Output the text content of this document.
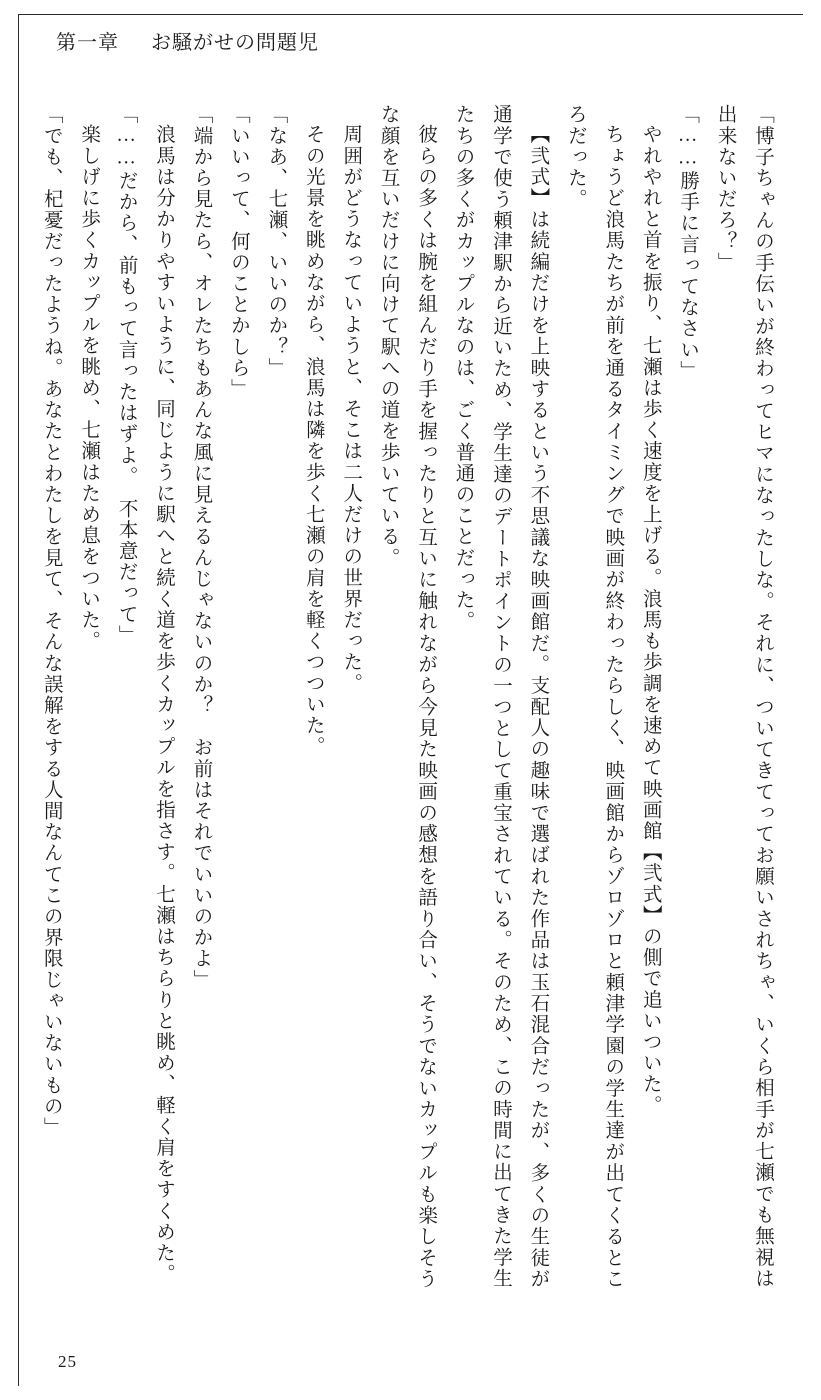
第一章 お騒がせの問題児

「博子ちゃんの手伝いが終わってヒマになったしな。それに、ついてきてってお願いされちゃ、いくら相手が七瀬でも無視は出来ないだろ？」

「……勝手に言ってなさい」

やれやれと首を振り、七瀬は歩く速度を上げる。浪馬も歩調を速めて映画館【弐式】の側で追いついた。

ちょうど浪馬たちが前を通るタイミングで映画が終わったらしく、映画館からゾロゾロと頼津学園の学生達が出てくるところだった。

【弐式】は続編だけを上映するという不思議な映画館だ。支配人の趣味で選ばれた作品は玉石混合だったが、多くの生徒が通学で使う頼津駅から近いため、学生達のデートポイントの一つとして重宝されている。そのため、この時間に出てきた学生たちの多くがカップルなのは、ごく普通のことだった。

彼らの多くは腕を組んだり手を握ったりと互いに触れながら今見た映画の感想を語り合い、そうでないカップルも楽しそうな顔を互いだけに向けて駅への道を歩いている。

周囲がどうなっていようと、そこは二人だけの世界だった。

その光景を眺めながら、浪馬は隣を歩く七瀬の肩を軽くつついた。

「なあ、七瀬、いいのか？」

「いいって、何のことかしら」

「端から見たら、オレたちもあんな風に見えるんじゃないのか？　お前はそれでいいのかよ」

浪馬は分かりやすいように、同じように駅へと続く道を歩くカップルを指さす。七瀬はちらりと眺め、軽く肩をすくめた。

「……だから、前もって言ったはずよ。　不本意だって」

楽しげに歩くカップルを眺め、七瀬はため息をついた。

「でも、杞憂だったようね。あなたとわたしを見て、そんな誤解をする人間なんてこの界限じゃいないもの」

25
